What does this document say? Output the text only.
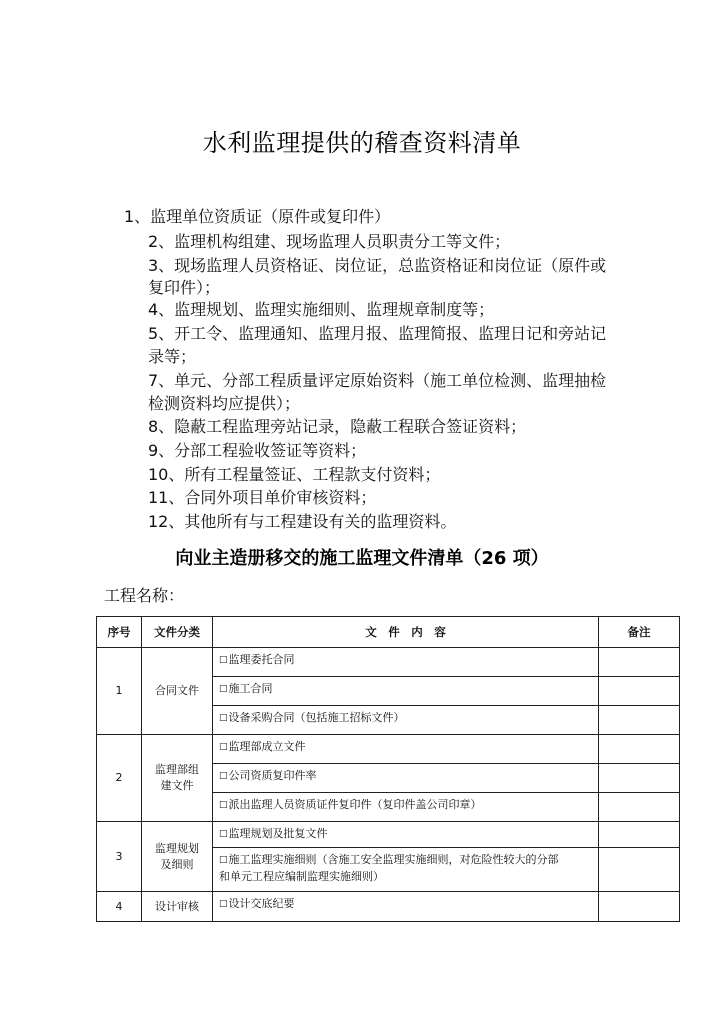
水利监理提供的稽查资料清单
1、监理单位资质证（原件或复印件）
2、监理机构组建、现场监理人员职责分工等文件；
3、现场监理人员资格证、岗位证，总监资格证和岗位证（原件或
复印件）；
4、监理规划、监理实施细则、监理规章制度等；
5、开工令、监理通知、监理月报、监理简报、监理日记和旁站记
录等；
7、单元、分部工程质量评定原始资料（施工单位检测、监理抽检
检测资料均应提供）；
8、隐蔽工程监理旁站记录，隐蔽工程联合签证资料；
9、分部工程验收签证等资料；
10、所有工程量签证、工程款支付资料；
11、合同外项目单价审核资料；
12、其他所有与工程建设有关的监理资料。
向业主造册移交的施工监理文件清单（26 项）
工程名称：
序号	文件分类	文　件　内　容	备注
1	合同文件	□监理委托合同	

		□施工合同	

		□设备采购合同（包括施工招标文件）	

2	监理部组
建文件	□监理部成立文件	

		□公司资质复印件率	

		□派出监理人员资质证件复印件（复印件盖公司印章）	

3	监理规划
及细则	□监理规划及批复文件	

		□施工监理实施细则（含施工安全监理实施细则，对危险性较大的分部
和单元工程应编制监理实施细则）	

4	设计审核	□设计交底纪要	
